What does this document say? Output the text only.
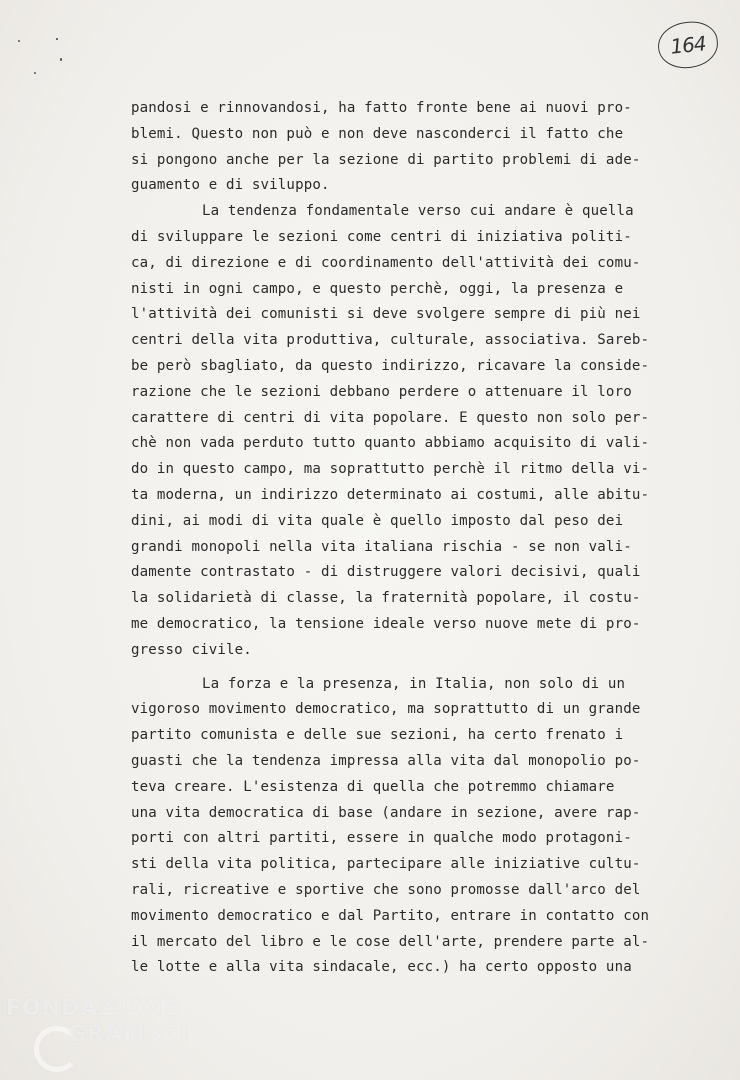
164
pandosi e rinnovandosi, ha fatto fronte bene ai nuovi pro-
blemi. Questo non può e non deve nasconderci il fatto che
si pongono anche per la sezione di partito problemi di ade-
guamento e di sviluppo.
La tendenza fondamentale verso cui andare è quella
di sviluppare le sezioni come centri di iniziativa politi-
ca, di direzione e di coordinamento dell'attività dei comu-
nisti in ogni campo, e questo perchè, oggi, la presenza e
l'attività dei comunisti si deve svolgere sempre di più nei
centri della vita produttiva, culturale, associativa. Sareb-
be però sbagliato, da questo indirizzo, ricavare la conside-
razione che le sezioni debbano perdere o attenuare il loro
carattere di centri di vita popolare. E questo non solo per-
chè non vada perduto tutto quanto abbiamo acquisito di vali-
do in questo campo, ma soprattutto perchè il ritmo della vi-
ta moderna, un indirizzo determinato ai costumi, alle abitu-
dini, ai modi di vita quale è quello imposto dal peso dei
grandi monopoli nella vita italiana rischia - se non vali-
damente contrastato - di distruggere valori decisivi, quali
la solidarietà di classe, la fraternità popolare, il costu-
me democratico, la tensione ideale verso nuove mete di pro-
gresso civile.
La forza e la presenza, in Italia, non solo di un
vigoroso movimento democratico, ma soprattutto di un grande
partito comunista e delle sue sezioni, ha certo frenato i
guasti che la tendenza impressa alla vita dal monopolio po-
teva creare. L'esistenza di quella che potremmo chiamare
una vita democratica di base (andare in sezione, avere rap-
porti con altri partiti, essere in qualche modo protagoni-
sti della vita politica, partecipare alle iniziative cultu-
rali, ricreative e sportive che sono promosse dall'arco del
movimento democratico e dal Partito, entrare in contatto con
il mercato del libro e le cose dell'arte, prendere parte al-
le lotte e alla vita sindacale, ecc.) ha certo opposto una
FONDAZIONE
GRAMSCI
